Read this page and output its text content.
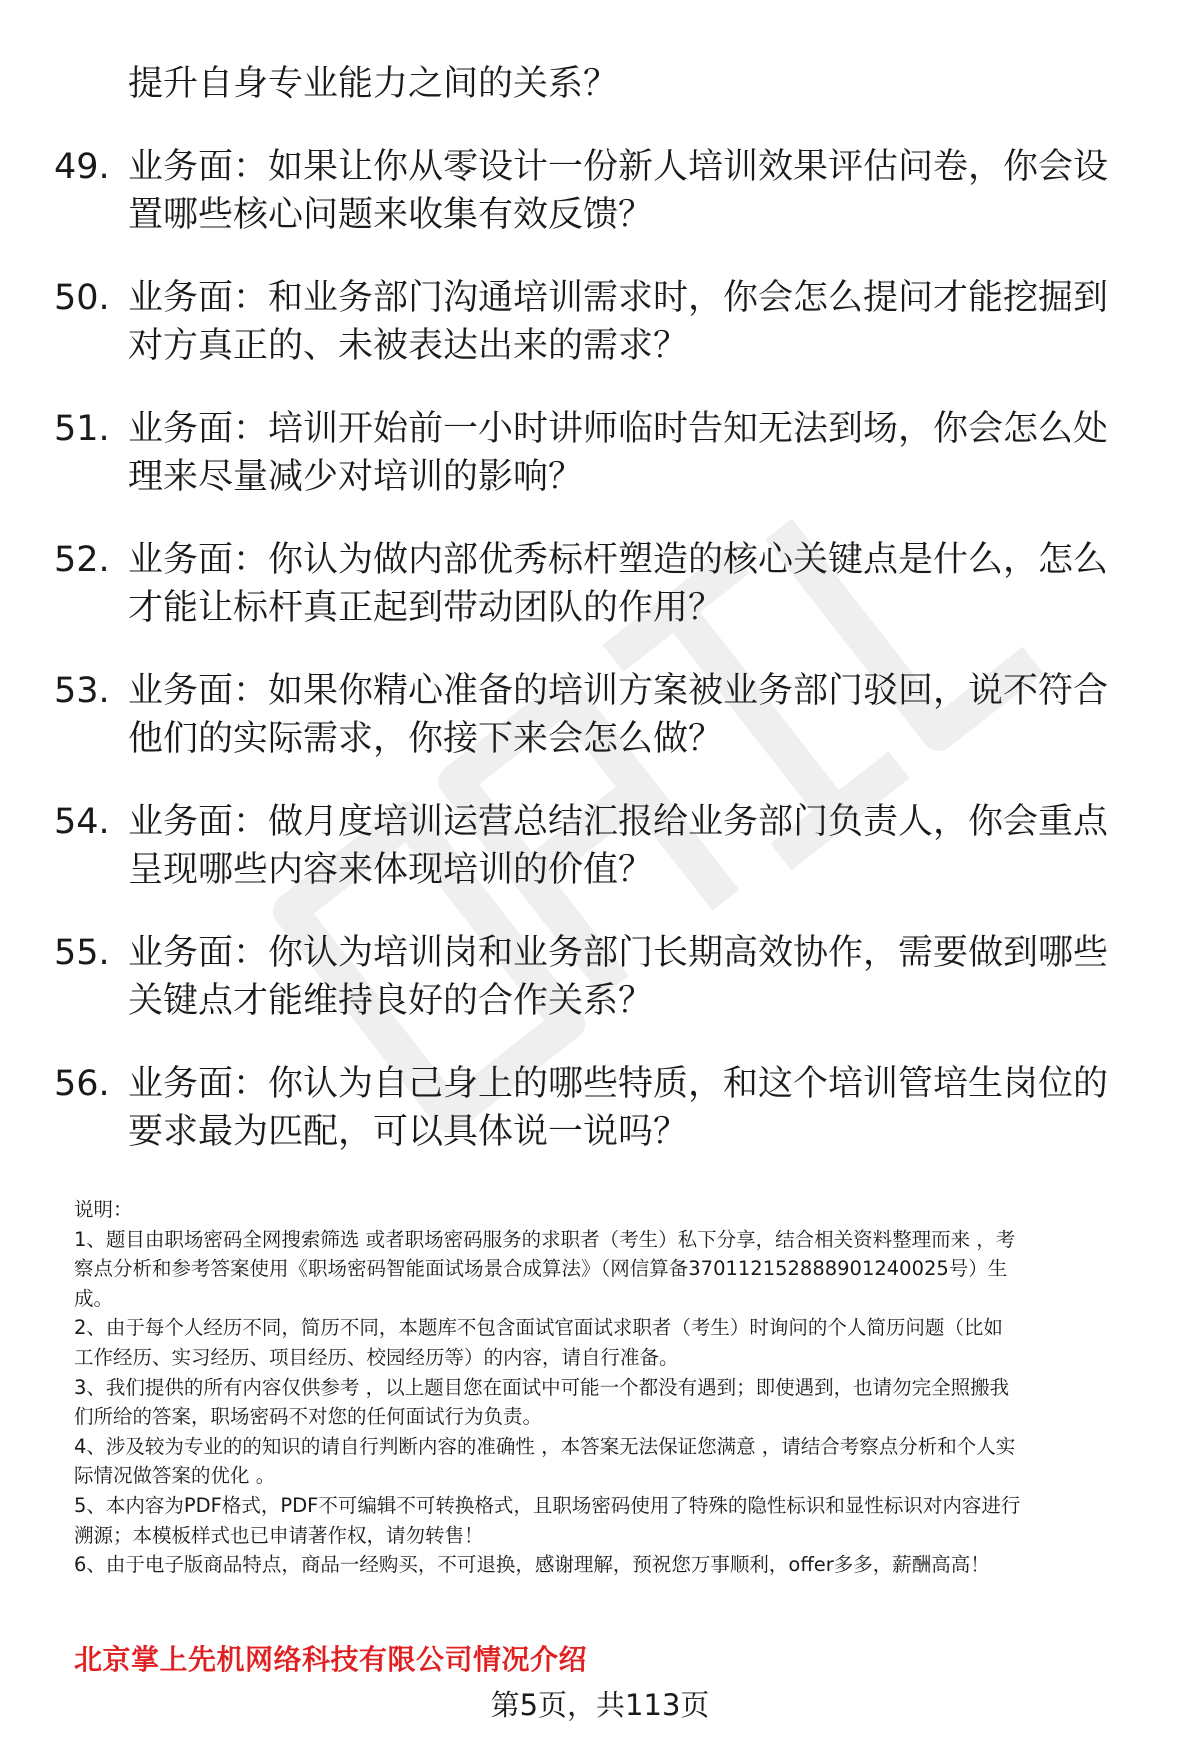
提升自身专业能力之间的关系？
49. 业务面：如果让你从零设计一份新人培训效果评估问卷，你会设
置哪些核心问题来收集有效反馈？
50. 业务面：和业务部门沟通培训需求时，你会怎么提问才能挖掘到
对方真正的、未被表达出来的需求？
51. 业务面：培训开始前一小时讲师临时告知无法到场，你会怎么处
理来尽量减少对培训的影响？
52. 业务面：你认为做内部优秀标杆塑造的核心关键点是什么，怎么
才能让标杆真正起到带动团队的作用？
53. 业务面：如果你精心准备的培训方案被业务部门驳回，说不符合
他们的实际需求，你接下来会怎么做？
54. 业务面：做月度培训运营总结汇报给业务部门负责人，你会重点
呈现哪些内容来体现培训的价值？
55. 业务面：你认为培训岗和业务部门长期高效协作，需要做到哪些
关键点才能维持良好的合作关系？
56. 业务面：你认为自己身上的哪些特质，和这个培训管培生岗位的
要求最为匹配，可以具体说一说吗？
说明：
1、题目由职场密码全网搜索筛选 或者职场密码服务的求职者（考生）私下分享，结合相关资料整理而来 ，考
察点分析和参考答案使用《职场密码智能面试场景合成算法》（网信算备370112152888901240025号）生
成。
2、由于每个人经历不同，简历不同，本题库不包含面试官面试求职者（考生）时询问的个人简历问题（比如
工作经历、实习经历、项目经历、校园经历等）的内容，请自行准备。
3、我们提供的所有内容仅供参考 ，以上题目您在面试中可能一个都没有遇到；即使遇到，也请勿完全照搬我
们所给的答案，职场密码不对您的任何面试行为负责。
4、涉及较为专业的的知识的请自行判断内容的准确性 ，本答案无法保证您满意 ，请结合考察点分析和个人实
际情况做答案的优化 。
5、本内容为PDF格式，PDF不可编辑不可转换格式，且职场密码使用了特殊的隐性标识和显性标识对内容进行
溯源；本模板样式也已申请著作权，请勿转售！
6、由于电子版商品特点，商品一经购买，不可退换，感谢理解，预祝您万事顺利，offer多多，薪酬高高！
北京掌上先机网络科技有限公司情况介绍
第5页，共113页
